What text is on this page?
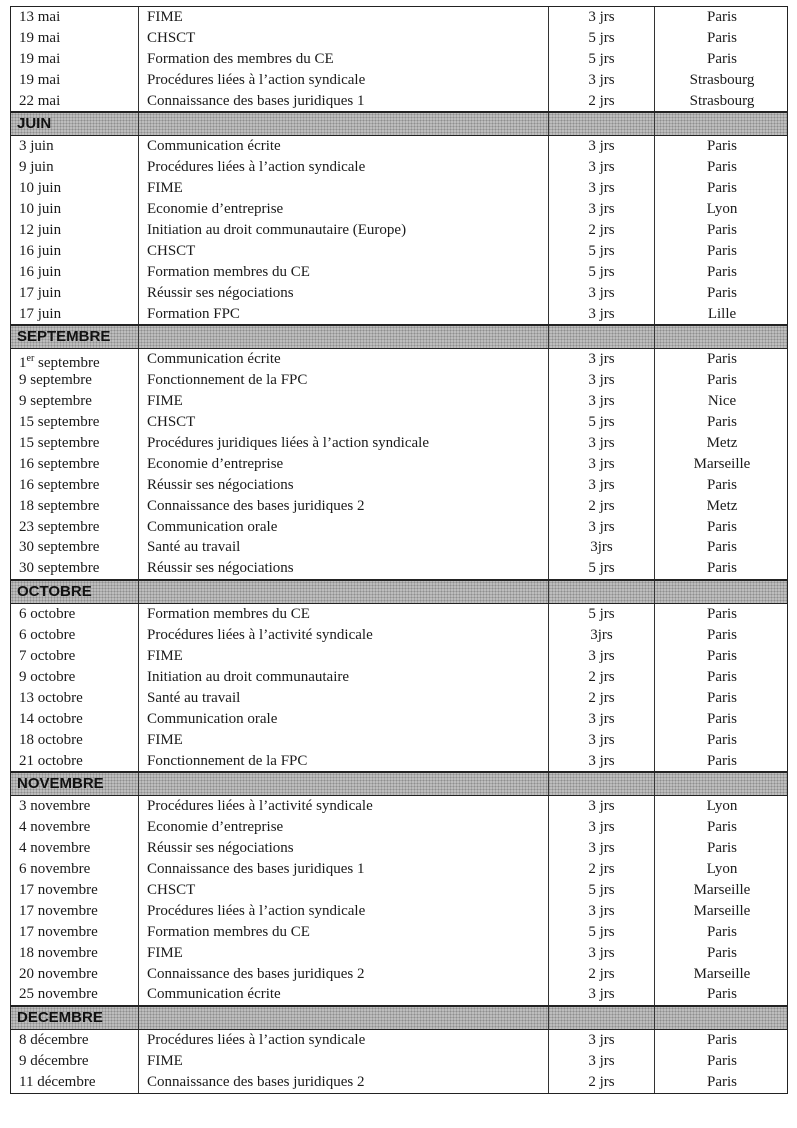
13 mai	FIME	3 jrs	Paris
19 mai	CHSCT	5 jrs	Paris
19 mai	Formation des membres du CE	5 jrs	Paris
19 mai	Procédures liées à l’action syndicale	3 jrs	Strasbourg
22 mai	Connaissance des bases juridiques 1	2 jrs	Strasbourg
JUIN
3 juin	Communication écrite	3 jrs	Paris
9 juin	Procédures liées à l’action syndicale	3 jrs	Paris
10 juin	FIME	3 jrs	Paris
10 juin	Economie d’entreprise	3 jrs	Lyon
12 juin	Initiation au droit communautaire (Europe)	2 jrs	Paris
16 juin	CHSCT	5 jrs	Paris
16 juin	Formation membres du CE	5 jrs	Paris
17 juin	Réussir ses négociations	3 jrs	Paris
17 juin	Formation FPC	3 jrs	Lille
SEPTEMBRE
1er septembre	Communication écrite	3 jrs	Paris
9 septembre	Fonctionnement de la FPC	3 jrs	Paris
9 septembre	FIME	3 jrs	Nice
15 septembre	CHSCT	5 jrs	Paris
15 septembre	Procédures juridiques liées à l’action syndicale	3 jrs	Metz
16 septembre	Economie d’entreprise	3 jrs	Marseille
16 septembre	Réussir ses négociations	3 jrs	Paris
18 septembre	Connaissance des bases juridiques 2	2 jrs	Metz
23 septembre	Communication orale	3 jrs	Paris
30 septembre	Santé au travail	3jrs	Paris
30 septembre	Réussir ses négociations	5 jrs	Paris
OCTOBRE
6 octobre	Formation membres du CE	5 jrs	Paris
6 octobre	Procédures liées à l’activité syndicale	3jrs	Paris
7 octobre	FIME	3 jrs	Paris
9 octobre	Initiation au droit communautaire	2 jrs	Paris
13 octobre	Santé au travail	2 jrs	Paris
14 octobre	Communication orale	3 jrs	Paris
18 octobre	FIME	3 jrs	Paris
21 octobre	Fonctionnement de la FPC	3 jrs	Paris
NOVEMBRE
3 novembre	Procédures liées à l’activité syndicale	3 jrs	Lyon
4 novembre	Economie d’entreprise	3 jrs	Paris
4 novembre	Réussir ses négociations	3 jrs	Paris
6 novembre	Connaissance des bases juridiques 1	2 jrs	Lyon
17 novembre	CHSCT	5 jrs	Marseille
17 novembre	Procédures liées à l’action syndicale	3 jrs	Marseille
17 novembre	Formation membres du CE	5 jrs	Paris
18 novembre	FIME	3 jrs	Paris
20 novembre	Connaissance des bases juridiques 2	2 jrs	Marseille
25 novembre	Communication écrite	3 jrs	Paris
DECEMBRE
8 décembre	Procédures liées à l’action syndicale	3 jrs	Paris
9 décembre	FIME	3 jrs	Paris
11 décembre	Connaissance des bases juridiques 2	2 jrs	Paris
